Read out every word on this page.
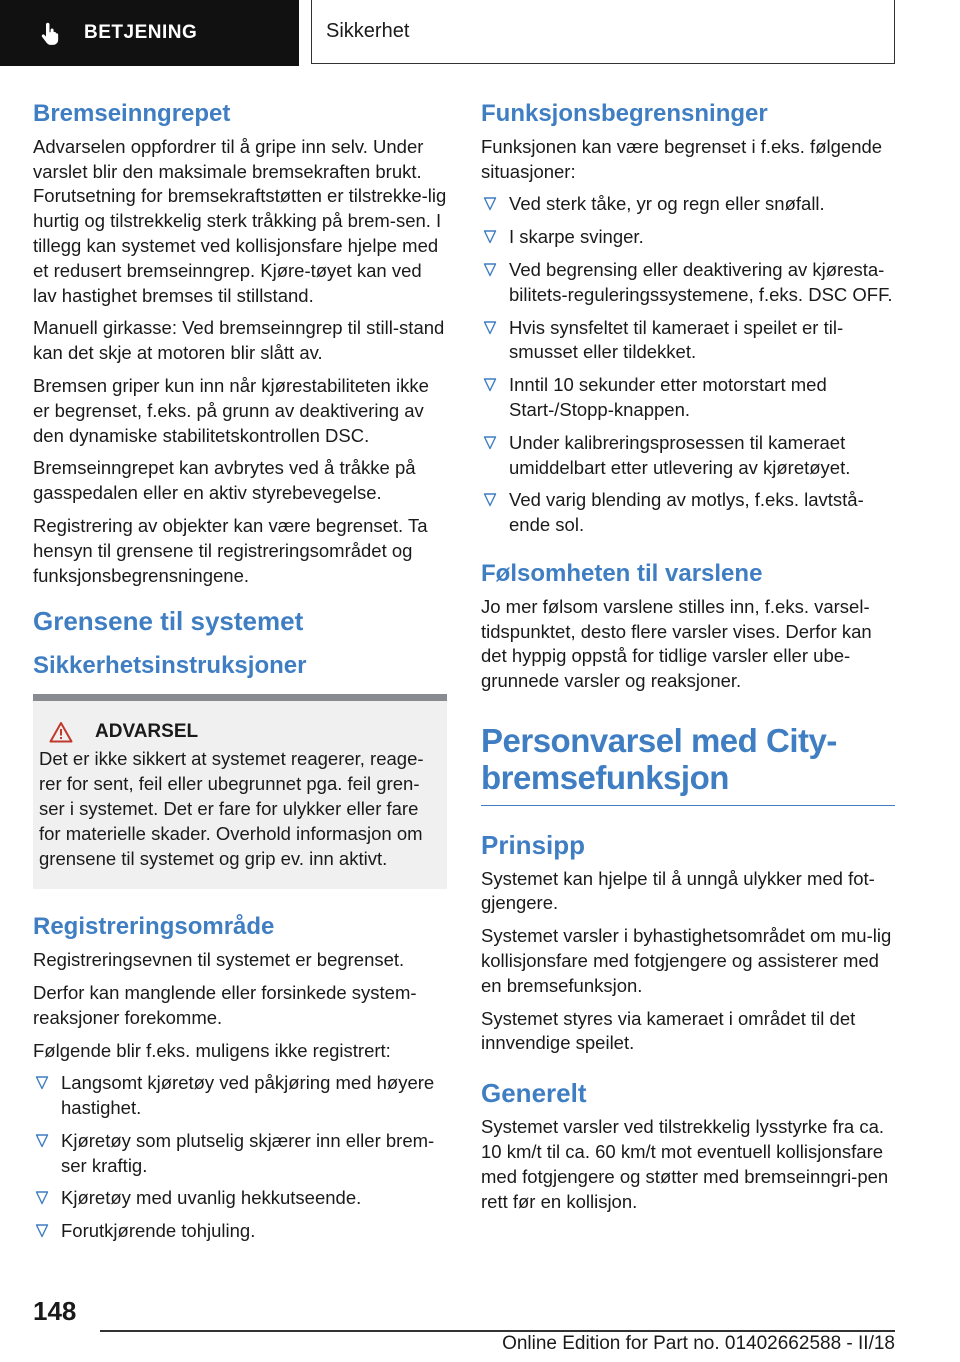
BETJENING	Sikkerhet
Bremseinngrepet

Advarselen oppfordrer til å gripe inn selv. Under varslet blir den maksimale bremsekraften brukt. Forutsetning for bremsekraftstøtten er tilstrekke-lig hurtig og tilstrekkelig sterk tråkking på brem-sen. I tillegg kan systemet ved kollisjonsfare hjelpe med et redusert bremseinngrep. Kjøre-tøyet kan ved lav hastighet bremses til stillstand.

Manuell girkasse: Ved bremseinngrep til still-stand kan det skje at motoren blir slått av.

Bremsen griper kun inn når kjørestabiliteten ikke er begrenset, f.eks. på grunn av deaktivering av den dynamiske stabilitetskontrollen DSC.

Bremseinngrepet kan avbrytes ved å tråkke på gasspedalen eller en aktiv styrebevegelse.

Registrering av objekter kan være begrenset. Ta hensyn til grensene til registreringsområdet og funksjonsbegrensningene.

Grensene til systemet
Sikkerhetsinstruksjoner
ADVARSEL

Det er ikke sikkert at systemet reagerer, reage-rer for sent, feil eller ubegrunnet pga. feil gren-ser i systemet. Det er fare for ulykker eller fare for materielle skader. Overhold informasjon om grensene til systemet og grip ev. inn aktivt.

Registreringsområde

Registreringsevnen til systemet er begrenset.

Derfor kan manglende eller forsinkede system-reaksjoner forekomme.

Følgende blir f.eks. muligens ikke registrert:

Langsomt kjøretøy ved påkjøring med høyere hastighet.
Kjøretøy som plutselig skjærer inn eller brem-ser kraftig.
Kjøretøy med uvanlig hekkutseende.
Forutkjørende tohjuling.
Funksjonsbegrensninger

Funksjonen kan være begrenset i f.eks. følgende situasjoner:

Ved sterk tåke, yr og regn eller snøfall.
I skarpe svinger.
Ved begrensing eller deaktivering av kjøresta-bilitets-reguleringssystemene, f.eks. DSC OFF.
Hvis synsfeltet til kameraet i speilet er til-smusset eller tildekket.
Inntil 10 sekunder etter motorstart med Start-/Stopp-knappen.
Under kalibreringsprosessen til kameraet umiddelbart etter utlevering av kjøretøyet.
Ved varig blending av motlys, f.eks. lavtstå-ende sol.
Følsomheten til varslene

Jo mer følsom varslene stilles inn, f.eks. varsel-tidspunktet, desto flere varsler vises. Derfor kan det hyppig oppstå for tidlige varsler eller ube-grunnede varsler og reaksjoner.

Personvarsel med City-
bremsefunksjon
Prinsipp

Systemet kan hjelpe til å unngå ulykker med fot-gjengere.

Systemet varsler i byhastighetsområdet om mu-lig kollisjonsfare med fotgjengere og assisterer med en bremsefunksjon.

Systemet styres via kameraet i området til det innvendige speilet.

Generelt

Systemet varsler ved tilstrekkelig lysstyrke fra ca. 10 km/t til ca. 60 km/t mot eventuell kollisjonsfare med fotgjengere og støtter med bremseinngri-pen rett før en kollisjon.

148
Online Edition for Part no. 01402662588 - II/18
